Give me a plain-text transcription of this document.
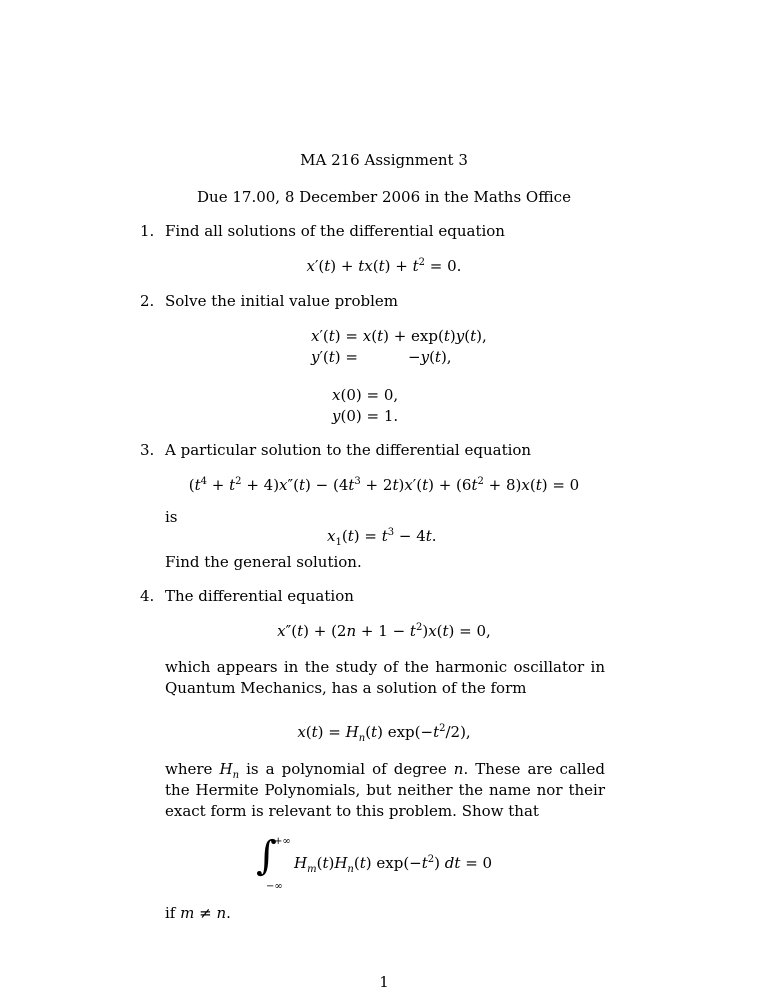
MA 216 Assignment 3
Due 17.00, 8 December 2006 in the Maths Office
1. Find all solutions of the differential equation
$x'(t) + tx(t) + t^2 = 0$.
2. Solve the initial value problem
x′(t) = x(t) + exp(t)y(t),
y′(t) =	−y(t),
x(0) = 0,
y(0) = 1.
3. A particular solution to the differential equation
$(t^4 + t^2 + 4)x''(t) - (4t^3 + 2t)x'(t) + (6t^2 + 8)x(t) = 0$
is
$x_1(t) = t^3 - 4t$.
Find the general solution.
4. The differential equation
$x''(t) + (2n + 1 - t^2)x(t) = 0$,
which appears in the study of the harmonic oscillator in Quantum Mechanics, has a solution of the form
$x(t) = H_n(t)$ $\exp(-t^2/2)$,
where $H_n$ is a polynomial of degree n. These are called the Hermite Polynomials, but neither the name nor their exact form is relevant to this problem. Show that
∫
+∞
−∞
$H_m(t)H_n(t)$ $\exp(-t^2)$ dt = 0
if m ≠ n.
1
